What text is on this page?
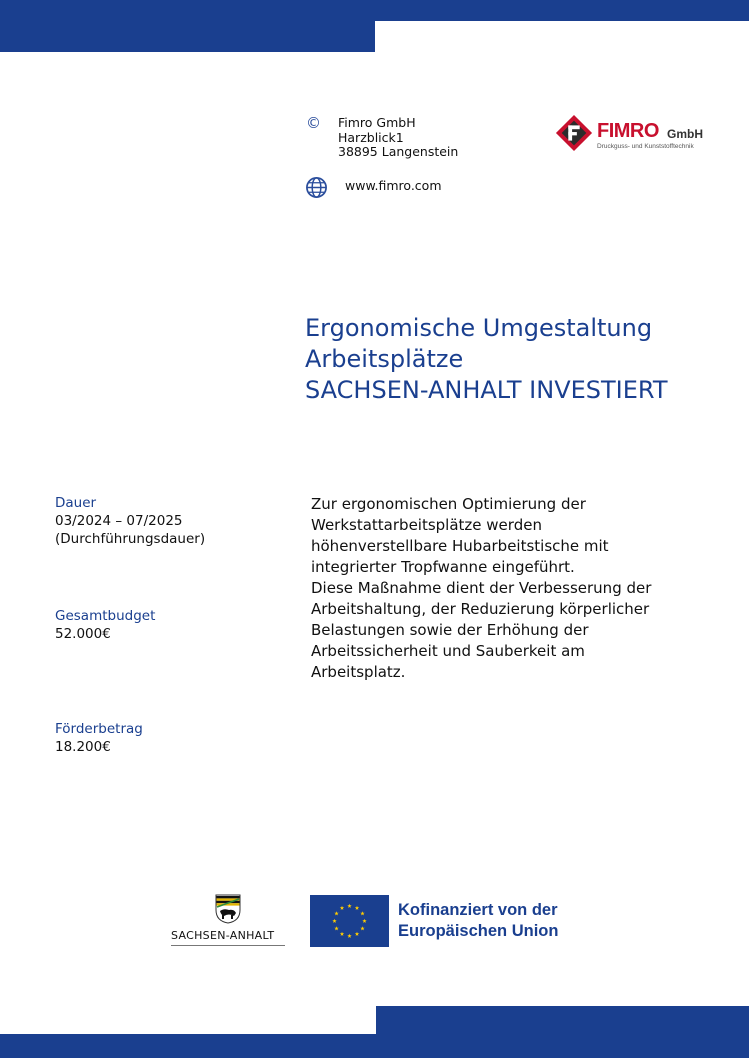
© Fimro GmbH
Harzblick1
38895 Langenstein
www.fimro.com
FIMRO GmbH
Druckguss- und Kunststofftechnik
Ergonomische Umgestaltung
Arbeitsplätze
SACHSEN-ANHALT INVESTIERT
Dauer
03/2024 – 07/2025
(Durchführungsdauer)
Gesamtbudget
52.000€
Förderbetrag
18.200€
Zur ergonomischen Optimierung der
Werkstattarbeitsplätze werden
höhenverstellbare Hubarbeitstische mit
integrierter Tropfwanne eingeführt.
Diese Maßnahme dient der Verbesserung der
Arbeitshaltung, der Reduzierung körperlicher
Belastungen sowie der Erhöhung der
Arbeitssicherheit und Sauberkeit am
Arbeitsplatz.
SACHSEN-ANHALT
Kofinanziert von der
Europäischen Union
